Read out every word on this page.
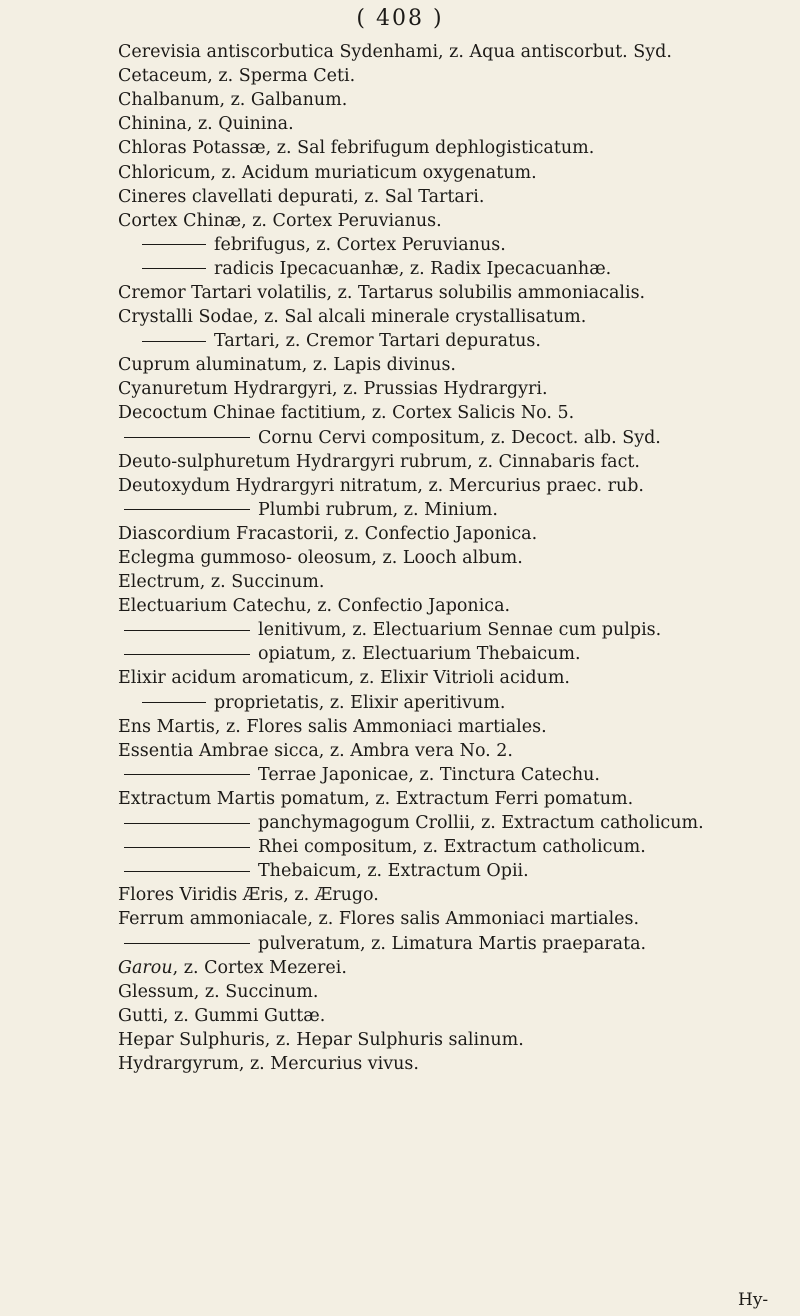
( 408 )
Cerevisia antiscorbutica Sydenhami, z. Aqua antiscorbut. Syd.
Cetaceum, z. Sperma Ceti.
Chalbanum, z. Galbanum.
Chinina, z. Quinina.
Chloras Potassæ, z. Sal febrifugum dephlogisticatum.
Chloricum, z. Acidum muriaticum oxygenatum.
Cineres clavellati depurati, z. Sal Tartari.
Cortex Chinæ, z. Cortex Peruvianus.
febrifugus, z. Cortex Peruvianus.
radicis Ipecacuanhæ, z. Radix Ipecacuanhæ.
Cremor Tartari volatilis, z. Tartarus solubilis ammoniacalis.
Crystalli Sodae, z. Sal alcali minerale crystallisatum.
Tartari, z. Cremor Tartari depuratus.
Cuprum aluminatum, z. Lapis divinus.
Cyanuretum Hydrargyri, z. Prussias Hydrargyri.
Decoctum Chinae factitium, z. Cortex Salicis No. 5.
Cornu Cervi compositum, z. Decoct. alb. Syd.
Deuto-sulphuretum Hydrargyri rubrum, z. Cinnabaris fact.
Deutoxydum Hydrargyri nitratum, z. Mercurius praec. rub.
Plumbi rubrum, z. Minium.
Diascordium Fracastorii, z. Confectio Japonica.
Eclegma gummoso- oleosum, z. Looch album.
Electrum, z. Succinum.
Electuarium Catechu, z. Confectio Japonica.
lenitivum, z. Electuarium Sennae cum pulpis.
opiatum, z. Electuarium Thebaicum.
Elixir acidum aromaticum, z. Elixir Vitrioli acidum.
proprietatis, z. Elixir aperitivum.
Ens Martis, z. Flores salis Ammoniaci martiales.
Essentia Ambrae sicca, z. Ambra vera No. 2.
Terrae Japonicae, z. Tinctura Catechu.
Extractum Martis pomatum, z. Extractum Ferri pomatum.
panchymagogum Crollii, z. Extractum catholicum.
Rhei compositum, z. Extractum catholicum.
Thebaicum, z. Extractum Opii.
Flores Viridis Æris, z. Ærugo.
Ferrum ammoniacale, z. Flores salis Ammoniaci martiales.
pulveratum, z. Limatura Martis praeparata.
Garou, z. Cortex Mezerei.
Glessum, z. Succinum.
Gutti, z. Gummi Guttæ.
Hepar Sulphuris, z. Hepar Sulphuris salinum.
Hydrargyrum, z. Mercurius vivus.
Hy-
